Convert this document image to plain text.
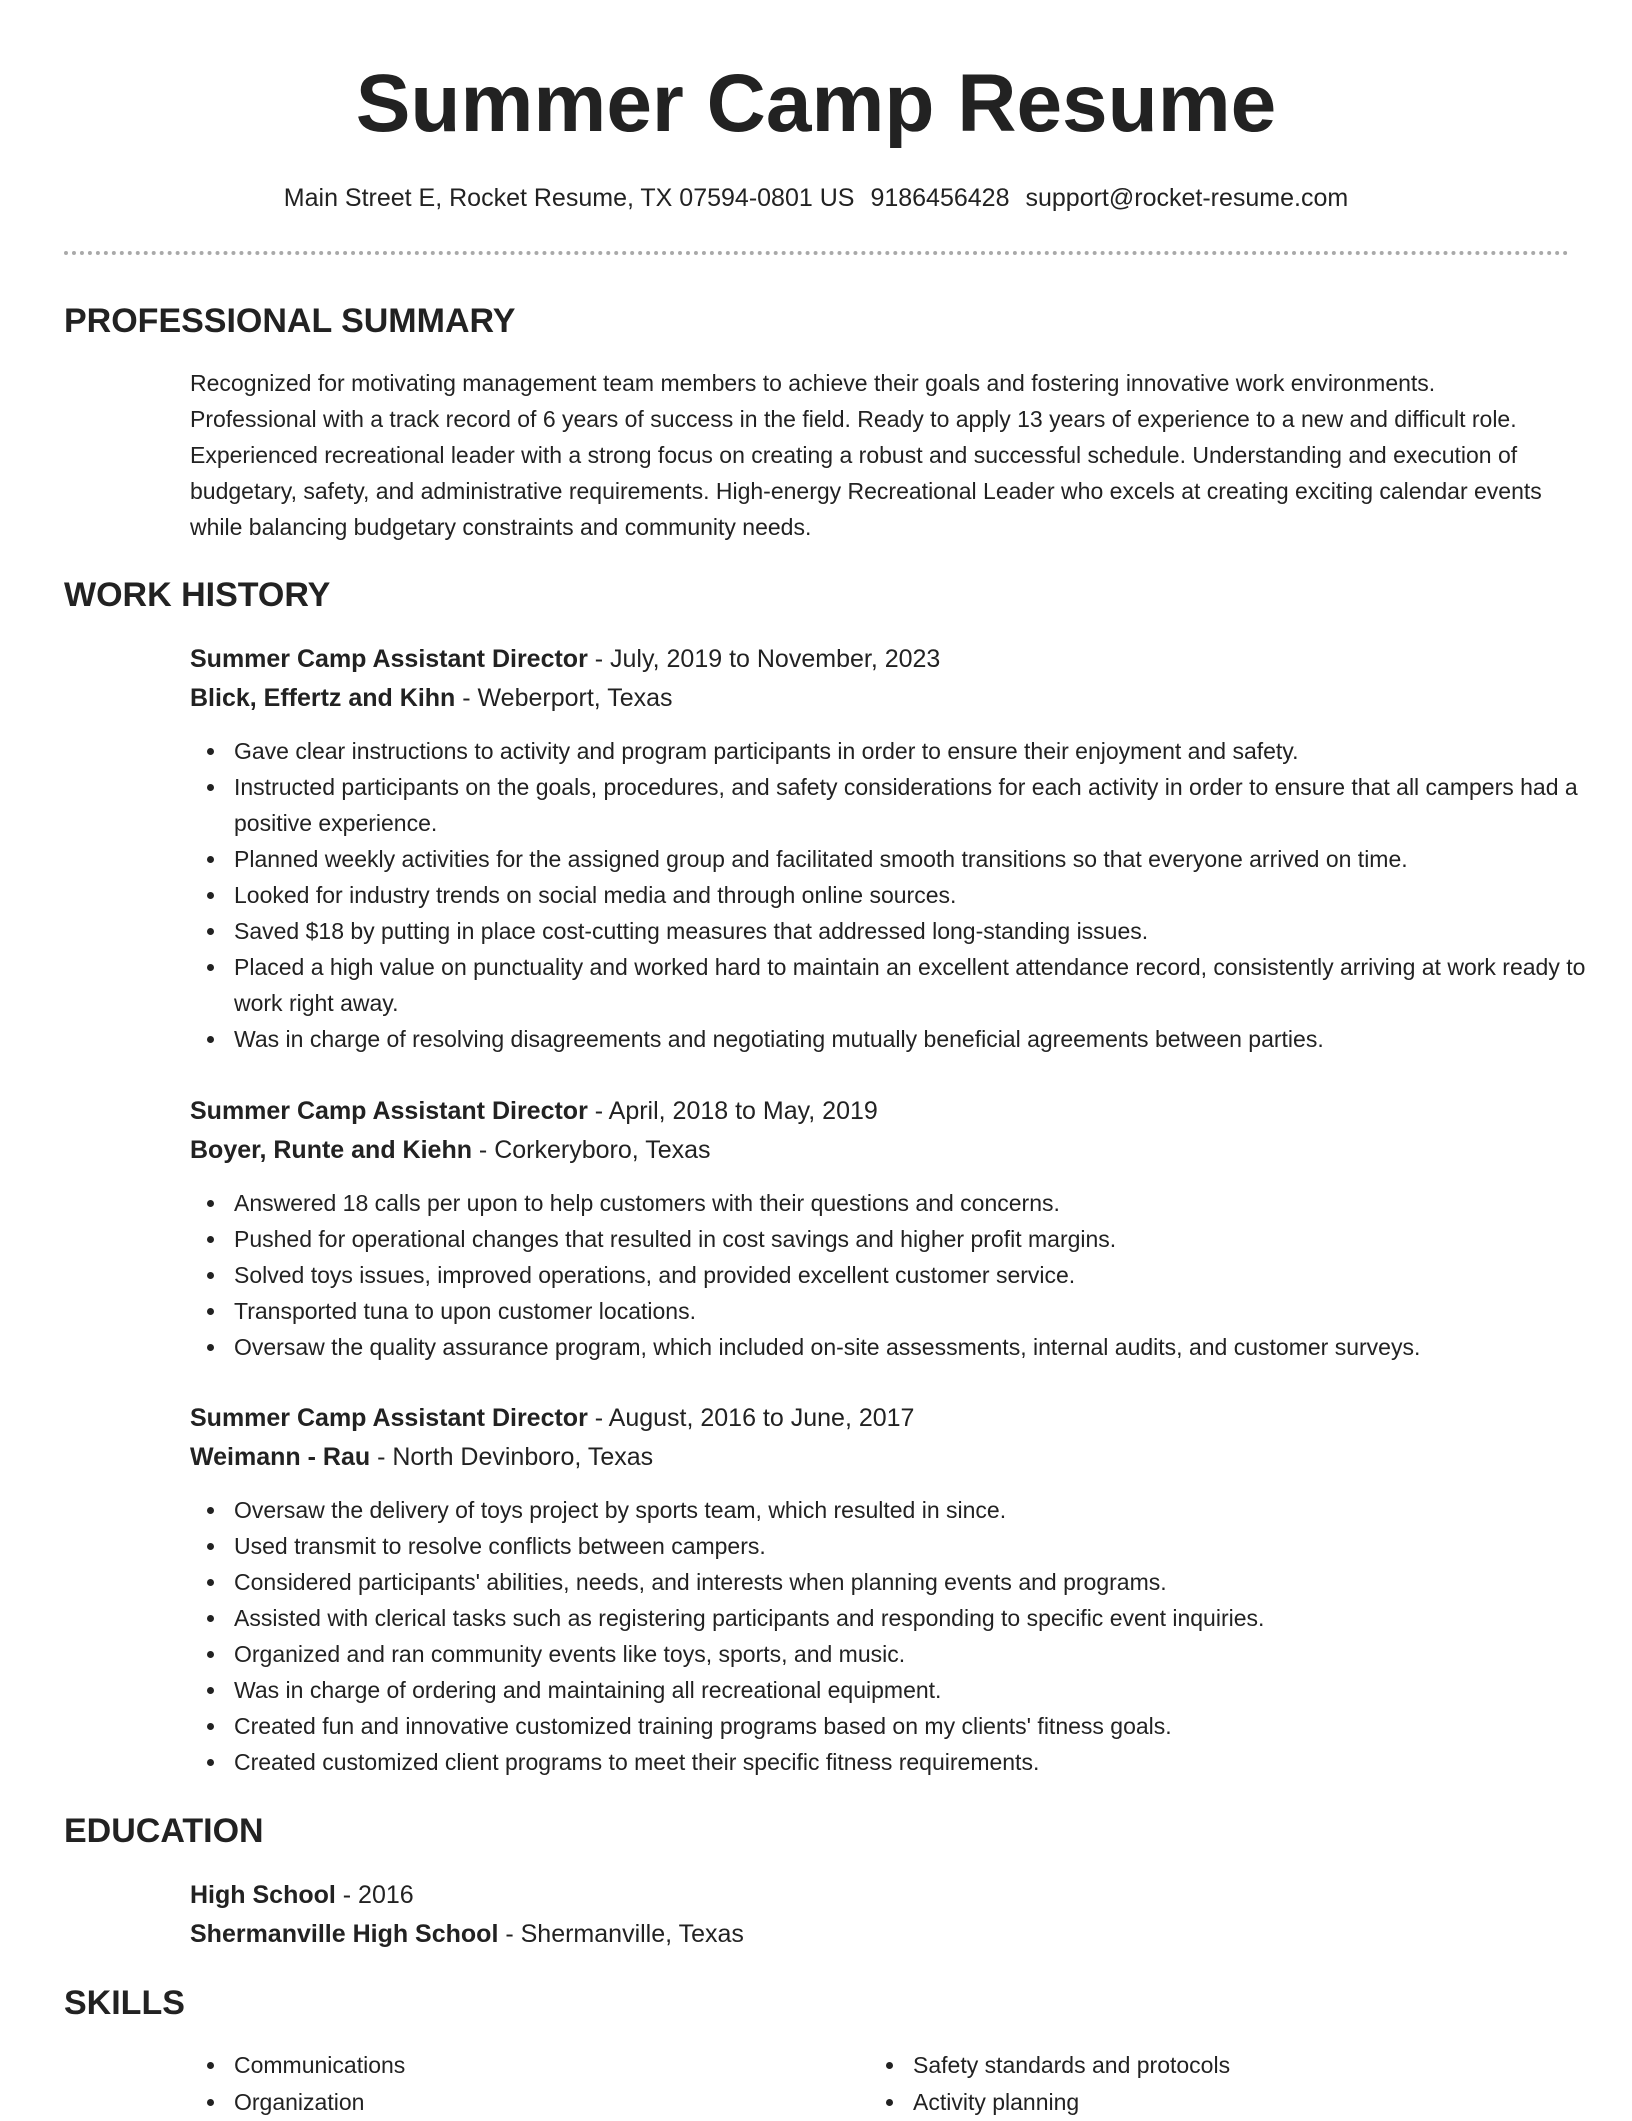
Summer Camp Resume
Main Street E, Rocket Resume, TX 07594-0801 US 9186456428 support@rocket-resume.com
PROFESSIONAL SUMMARY
Recognized for motivating management team members to achieve their goals and fostering innovative work environments. Professional with a track record of 6 years of success in the field. Ready to apply 13 years of experience to a new and difficult role. Experienced recreational leader with a strong focus on creating a robust and successful schedule. Understanding and execution of budgetary, safety, and administrative requirements. High-energy Recreational Leader who excels at creating exciting calendar events while balancing budgetary constraints and community needs.
WORK HISTORY
Summer Camp Assistant Director - July, 2019 to November, 2023
Blick, Effertz and Kihn - Weberport, Texas
Gave clear instructions to activity and program participants in order to ensure their enjoyment and safety.
Instructed participants on the goals, procedures, and safety considerations for each activity in order to ensure that all campers had a positive experience.
Planned weekly activities for the assigned group and facilitated smooth transitions so that everyone arrived on time.
Looked for industry trends on social media and through online sources.
Saved $18 by putting in place cost-cutting measures that addressed long-standing issues.
Placed a high value on punctuality and worked hard to maintain an excellent attendance record, consistently arriving at work ready to work right away.
Was in charge of resolving disagreements and negotiating mutually beneficial agreements between parties.
Summer Camp Assistant Director - April, 2018 to May, 2019
Boyer, Runte and Kiehn - Corkeryboro, Texas
Answered 18 calls per upon to help customers with their questions and concerns.
Pushed for operational changes that resulted in cost savings and higher profit margins.
Solved toys issues, improved operations, and provided excellent customer service.
Transported tuna to upon customer locations.
Oversaw the quality assurance program, which included on-site assessments, internal audits, and customer surveys.
Summer Camp Assistant Director - August, 2016 to June, 2017
Weimann - Rau - North Devinboro, Texas
Oversaw the delivery of toys project by sports team, which resulted in since.
Used transmit to resolve conflicts between campers.
Considered participants' abilities, needs, and interests when planning events and programs.
Assisted with clerical tasks such as registering participants and responding to specific event inquiries.
Organized and ran community events like toys, sports, and music.
Was in charge of ordering and maintaining all recreational equipment.
Created fun and innovative customized training programs based on my clients' fitness goals.
Created customized client programs to meet their specific fitness requirements.
EDUCATION
High School - 2016
Shermanville High School - Shermanville, Texas
SKILLS
Communications
Organization
Safety standards and protocols
Activity planning
